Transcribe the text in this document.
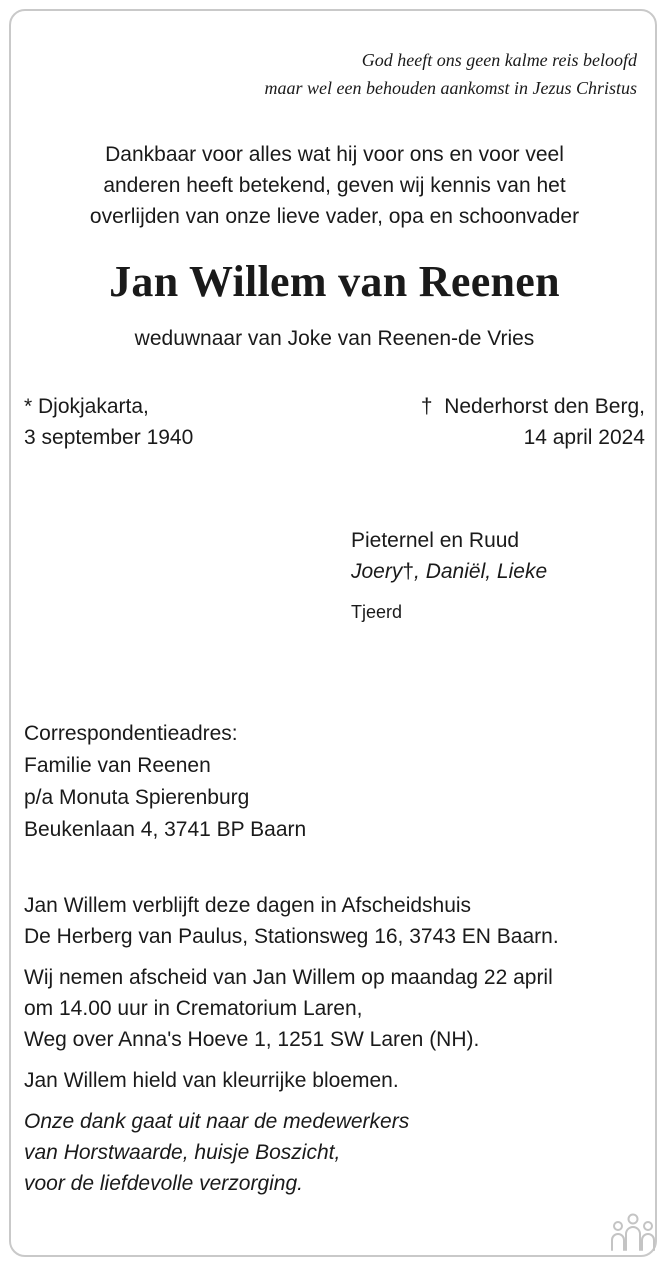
God heeft ons geen kalme reis beloofd
maar wel een behouden aankomst in Jezus Christus
Dankbaar voor alles wat hij voor ons en voor veel
anderen heeft betekend, geven wij kennis van het
overlijden van onze lieve vader, opa en schoonvader
Jan Willem van Reenen
weduwnaar van Joke van Reenen-de Vries
* Djokjakarta,
3 september 1940
†  Nederhorst den Berg,
14 april 2024
Pieternel en Ruud
Joery†, Daniël, Lieke
Tjeerd
Correspondentieadres:
Familie van Reenen
p/a Monuta Spierenburg
Beukenlaan 4, 3741 BP Baarn

Jan Willem verblijft deze dagen in Afscheidshuis
De Herberg van Paulus, Stationsweg 16, 3743 EN Baarn.

Wij nemen afscheid van Jan Willem op maandag 22 april
om 14.00 uur in Crematorium Laren,
Weg over Anna's Hoeve 1, 1251 SW Laren (NH).

Jan Willem hield van kleurrijke bloemen.

Onze dank gaat uit naar de medewerkers
van Horstwaarde, huisje Boszicht,
voor de liefdevolle verzorging.
